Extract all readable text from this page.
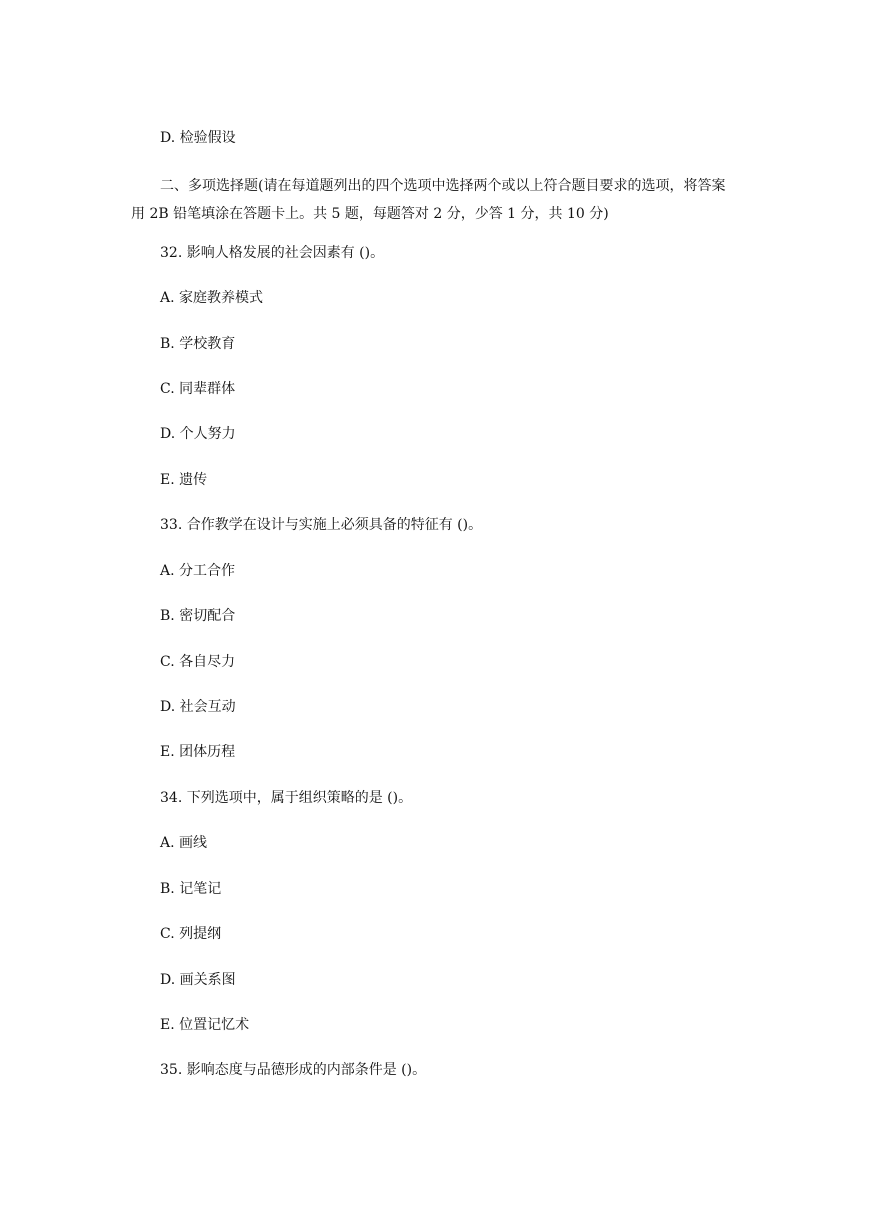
D. 检验假设
二、多项选择题(请在每道题列出的四个选项中选择两个或以上符合题目要求的选项，将答案用 2B 铅笔填涂在答题卡上。共 5 题，每题答对 2 分，少答 1 分，共 10 分)
32. 影响人格发展的社会因素有 ()。
A. 家庭教养模式
B. 学校教育
C. 同辈群体
D. 个人努力
E. 遗传
33. 合作教学在设计与实施上必须具备的特征有 ()。
A. 分工合作
B. 密切配合
C. 各自尽力
D. 社会互动
E. 团体历程
34. 下列选项中，属于组织策略的是 ()。
A. 画线
B. 记笔记
C. 列提纲
D. 画关系图
E. 位置记忆术
35. 影响态度与品德形成的内部条件是 ()。
